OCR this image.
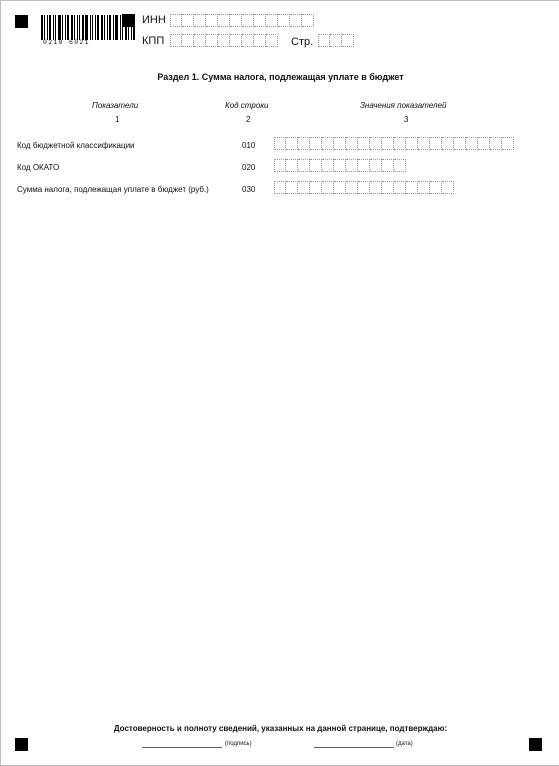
0210 6021
ИНН
КПП	Стр.
Раздел 1. Сумма налога, подлежащая уплате в бюджет
Показатели	Код строки	Значения показателей
1	2	3
Код бюджетной классификации	010
Код ОКАТО	020
Сумма налога, подлежащая уплате в бюджет (руб.)	030
Достоверность и полноту сведений, указанных на данной странице, подтверждаю:
(подпись)	(дата)
